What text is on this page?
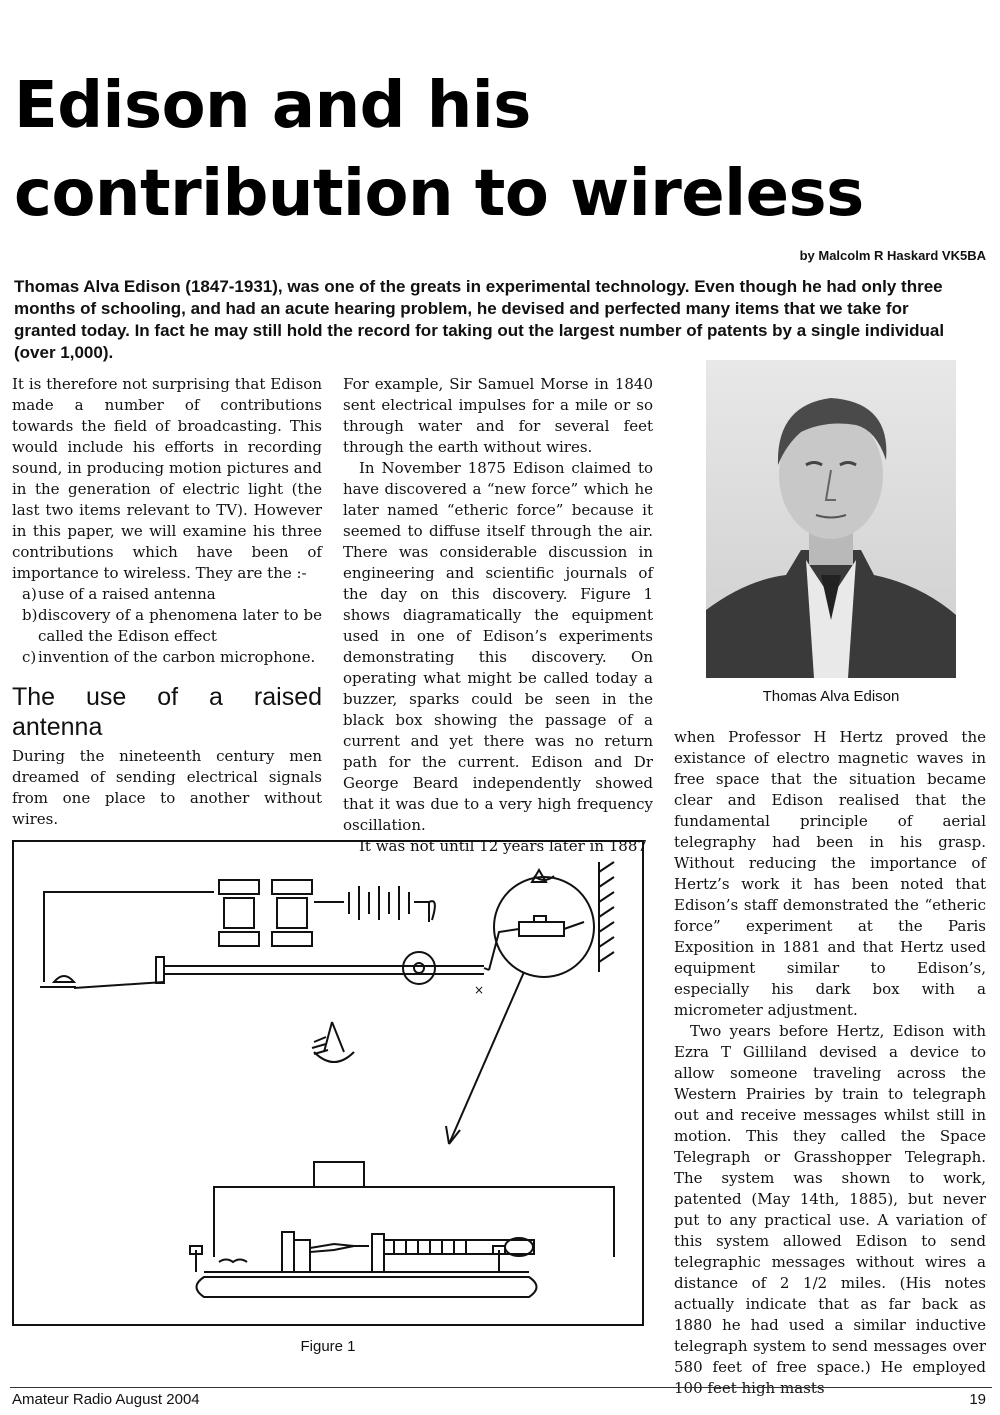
Edison and his contribution to wireless
by Malcolm R Haskard VK5BA

Thomas Alva Edison (1847-1931), was one of the greats in experimental technology. Even though he had only three months of schooling, and had an acute hearing problem, he devised and perfected many items that we take for granted today. In fact he may still hold the record for taking out the largest number of patents by a single individual (over 1,000).

It is therefore not surprising that Edison made a number of contributions towards the field of broadcasting. This would include his efforts in recording sound, in producing motion pictures and in the generation of electric light (the last two items relevant to TV). However in this paper, we will examine his three contributions which have been of importance to wireless. They are the :-

a) use of a raised antenna
b) discovery of a phenomena later to be called the Edison effect
c) invention of the carbon microphone.
The use of a raised antenna

During the nineteenth century men dreamed of sending electrical signals from one place to another without wires.

For example, Sir Samuel Morse in 1840 sent electrical impulses for a mile or so through water and for several feet through the earth without wires.

In November 1875 Edison claimed to have discovered a “new force” which he later named “etheric force” because it seemed to diffuse itself through the air. There was considerable discussion in engineering and scientific journals of the day on this discovery. Figure 1 shows diagramatically the equipment used in one of Edison’s experiments demonstrating this discovery. On operating what might be called today a buzzer, sparks could be seen in the black box showing the passage of a current and yet there was no return path for the current. Edison and Dr George Beard independently showed that it was due to a very high frequency oscillation.

It was not until 12 years later in 1887

Thomas Alva Edison

when Professor H Hertz proved the existance of electro magnetic waves in free space that the situation became clear and Edison realised that the fundamental principle of aerial telegraphy had been in his grasp. Without reducing the importance of Hertz’s work it has been noted that Edison’s staff demonstrated the “etheric force” experiment at the Paris Exposition in 1881 and that Hertz used equipment similar to Edison’s, especially his dark box with a micrometer adjustment.

Two years before Hertz, Edison with Ezra T Gilliland devised a device to allow someone traveling across the Western Prairies by train to telegraph out and receive messages whilst still in motion. This they called the Space Telegraph or Grasshopper Telegraph. The system was shown to work, patented (May 14th, 1885), but never put to any practical use. A variation of this system allowed Edison to send telegraphic messages without wires a distance of 2 1/2 miles. (His notes actually indicate that as far back as 1880 he had used a similar inductive telegraph system to send messages over 580 feet of free space.) He employed 100 feet high masts

×
Figure 1
Amateur Radio August 2004	19
